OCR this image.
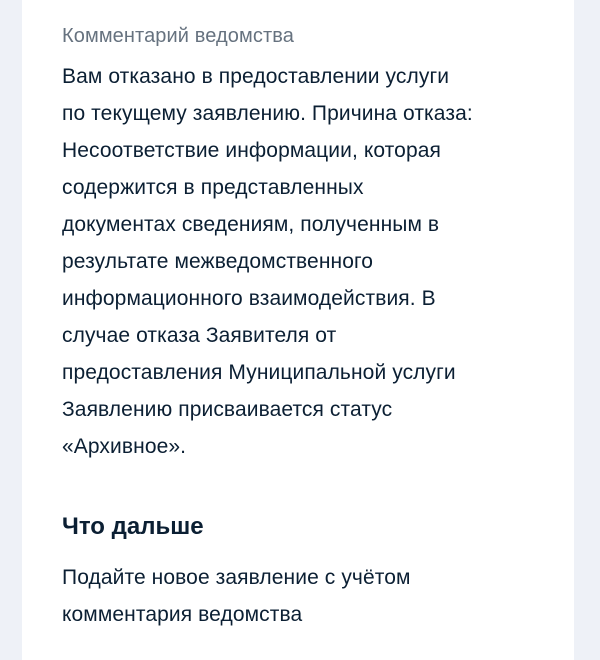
Комментарий ведомства

Вам отказано в предоставлении услуги
по текущему заявлению. Причина отказа:
Несоответствие информации, которая
содержится в представленных
документах сведениям, полученным в
результате межведомственного
информационного взаимодействия. В
случае отказа Заявителя от
предоставления Муниципальной услуги
Заявлению присваивается статус
«Архивное».

Что дальше

Подайте новое заявление с учётом
комментария ведомства
